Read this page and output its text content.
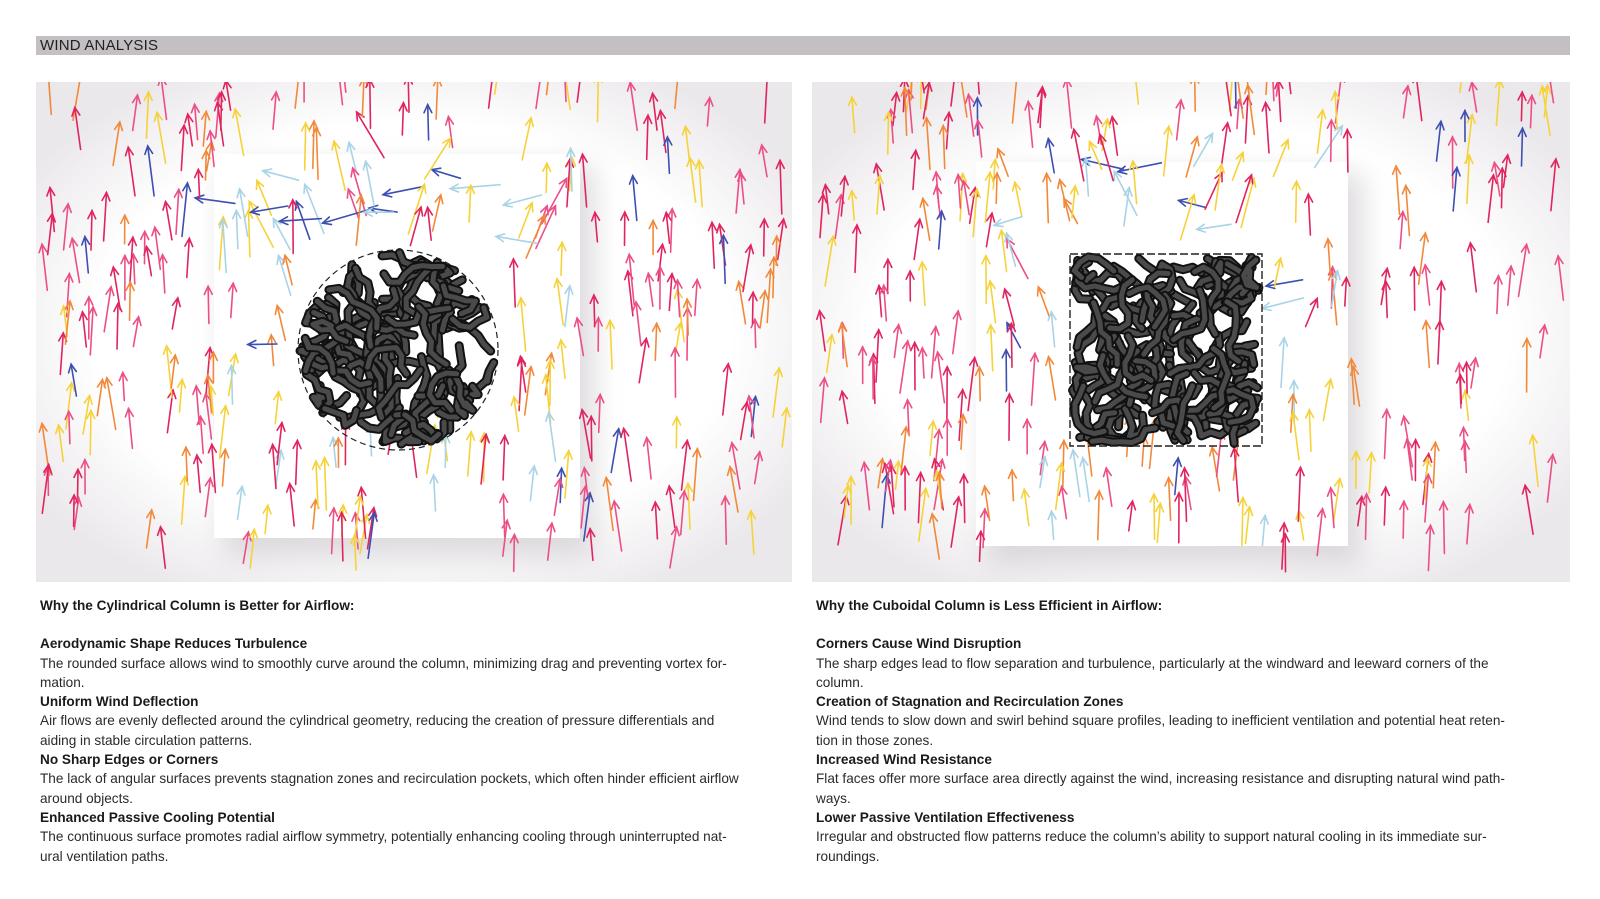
WIND ANALYSIS

Why the Cylindrical Column is Better for Airflow:

Aerodynamic Shape Reduces Turbulence

The rounded surface allows wind to smoothly curve around the column, minimizing drag and preventing vortex for-

mation.

Uniform Wind Deflection

Air flows are evenly deflected around the cylindrical geometry, reducing the creation of pressure differentials and

aiding in stable circulation patterns.

No Sharp Edges or Corners

The lack of angular surfaces prevents stagnation zones and recirculation pockets, which often hinder efficient airflow

around objects.

Enhanced Passive Cooling Potential

The continuous surface promotes radial airflow symmetry, potentially enhancing cooling through uninterrupted nat-

ural ventilation paths.

Why the Cuboidal Column is Less Efficient in Airflow:

Corners Cause Wind Disruption

The sharp edges lead to flow separation and turbulence, particularly at the windward and leeward corners of the

column.

Creation of Stagnation and Recirculation Zones

Wind tends to slow down and swirl behind square profiles, leading to inefficient ventilation and potential heat reten-

tion in those zones.

Increased Wind Resistance

Flat faces offer more surface area directly against the wind, increasing resistance and disrupting natural wind path-

ways.

Lower Passive Ventilation Effectiveness

Irregular and obstructed flow patterns reduce the column’s ability to support natural cooling in its immediate sur-

roundings.
